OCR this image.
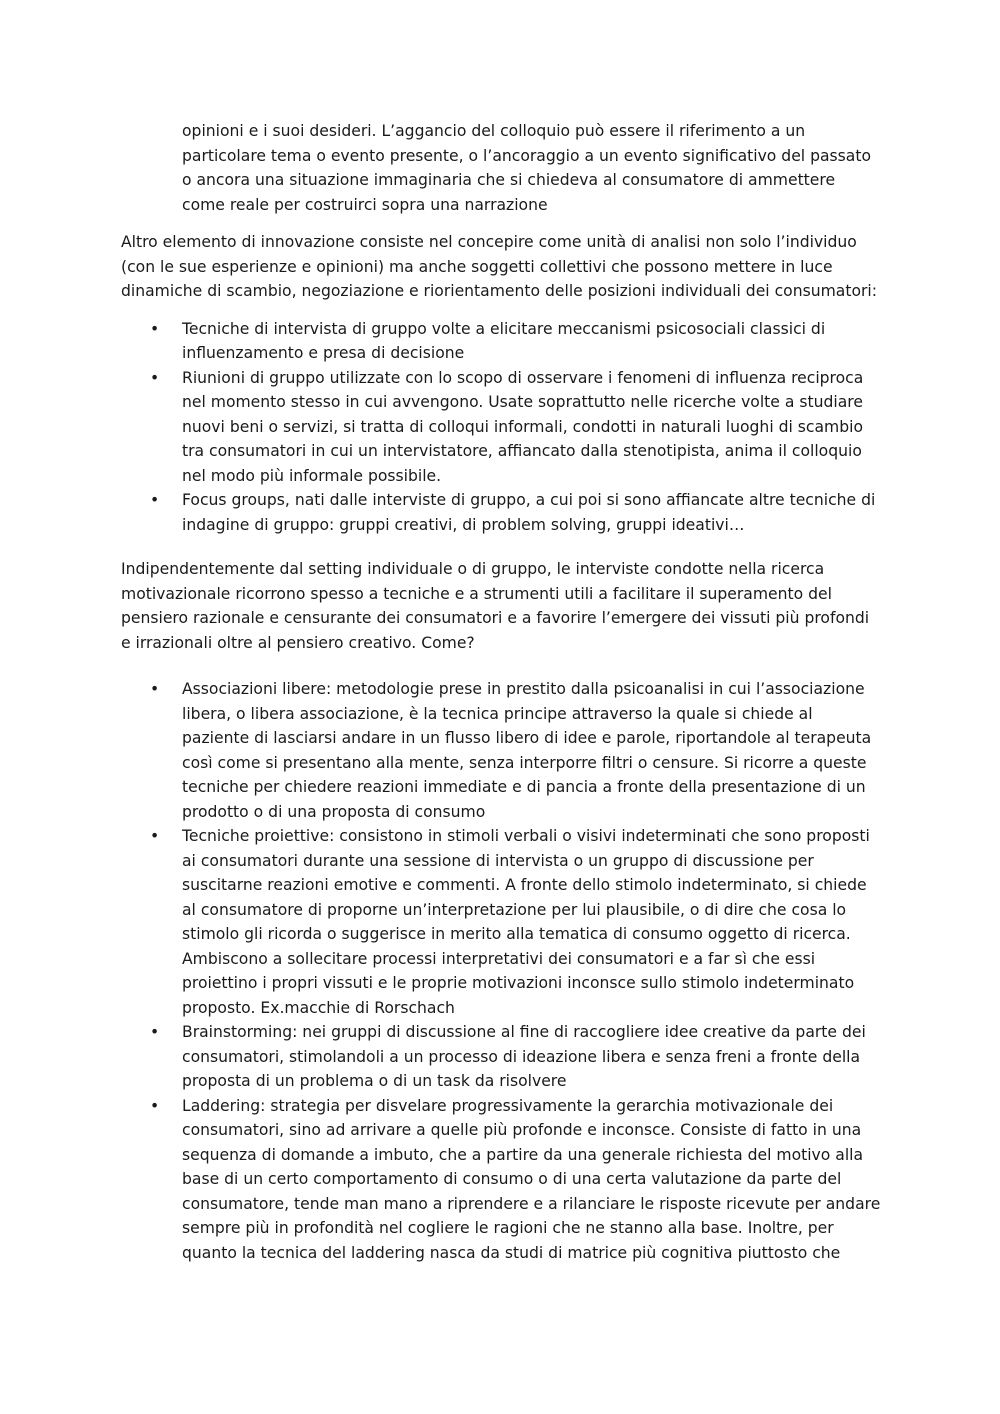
opinioni e i suoi desideri. L’aggancio del colloquio può essere il riferimento a un particolare tema o evento presente, o l’ancoraggio a un evento significativo del passato o ancora una situazione immaginaria che si chiedeva al consumatore di ammettere come reale per costruirci sopra una narrazione

Altro elemento di innovazione consiste nel concepire come unità di analisi non solo l’individuo (con le sue esperienze e opinioni) ma anche soggetti collettivi che possono mettere in luce dinamiche di scambio, negoziazione e riorientamento delle posizioni individuali dei consumatori:

• Tecniche di intervista di gruppo volte a elicitare meccanismi psicosociali classici di influenzamento e presa di decisione
• Riunioni di gruppo utilizzate con lo scopo di osservare i fenomeni di influenza reciproca nel momento stesso in cui avvengono. Usate soprattutto nelle ricerche volte a studiare nuovi beni o servizi, si tratta di colloqui informali, condotti in naturali luoghi di scambio tra consumatori in cui un intervistatore, affiancato dalla stenotipista, anima il colloquio nel modo più informale possibile.
• Focus groups, nati dalle interviste di gruppo, a cui poi si sono affiancate altre tecniche di indagine di gruppo: gruppi creativi, di problem solving, gruppi ideativi…

Indipendentemente dal setting individuale o di gruppo, le interviste condotte nella ricerca motivazionale ricorrono spesso a tecniche e a strumenti utili a facilitare il superamento del pensiero razionale e censurante dei consumatori e a favorire l’emergere dei vissuti più profondi e irrazionali oltre al pensiero creativo. Come?

• Associazioni libere: metodologie prese in prestito dalla psicoanalisi in cui l’associazione libera, o libera associazione, è la tecnica principe attraverso la quale si chiede al paziente di lasciarsi andare in un flusso libero di idee e parole, riportandole al terapeuta così come si presentano alla mente, senza interporre filtri o censure. Si ricorre a queste tecniche per chiedere reazioni immediate e di pancia a fronte della presentazione di un prodotto o di una proposta di consumo
• Tecniche proiettive: consistono in stimoli verbali o visivi indeterminati che sono proposti ai consumatori durante una sessione di intervista o un gruppo di discussione per suscitarne reazioni emotive e commenti. A fronte dello stimolo indeterminato, si chiede al consumatore di proporne un’interpretazione per lui plausibile, o di dire che cosa lo stimolo gli ricorda o suggerisce in merito alla tematica di consumo oggetto di ricerca. Ambiscono a sollecitare processi interpretativi dei consumatori e a far sì che essi proiettino i propri vissuti e le proprie motivazioni inconsce sullo stimolo indeterminato proposto. Ex.macchie di Rorschach
• Brainstorming: nei gruppi di discussione al fine di raccogliere idee creative da parte dei consumatori, stimolandoli a un processo di ideazione libera e senza freni a fronte della proposta di un problema o di un task da risolvere
• Laddering: strategia per disvelare progressivamente la gerarchia motivazionale dei consumatori, sino ad arrivare a quelle più profonde e inconsce. Consiste di fatto in una sequenza di domande a imbuto, che a partire da una generale richiesta del motivo alla base di un certo comportamento di consumo o di una certa valutazione da parte del consumatore, tende man mano a riprendere e a rilanciare le risposte ricevute per andare sempre più in profondità nel cogliere le ragioni che ne stanno alla base. Inoltre, per quanto la tecnica del laddering nasca da studi di matrice più cognitiva piuttosto che
